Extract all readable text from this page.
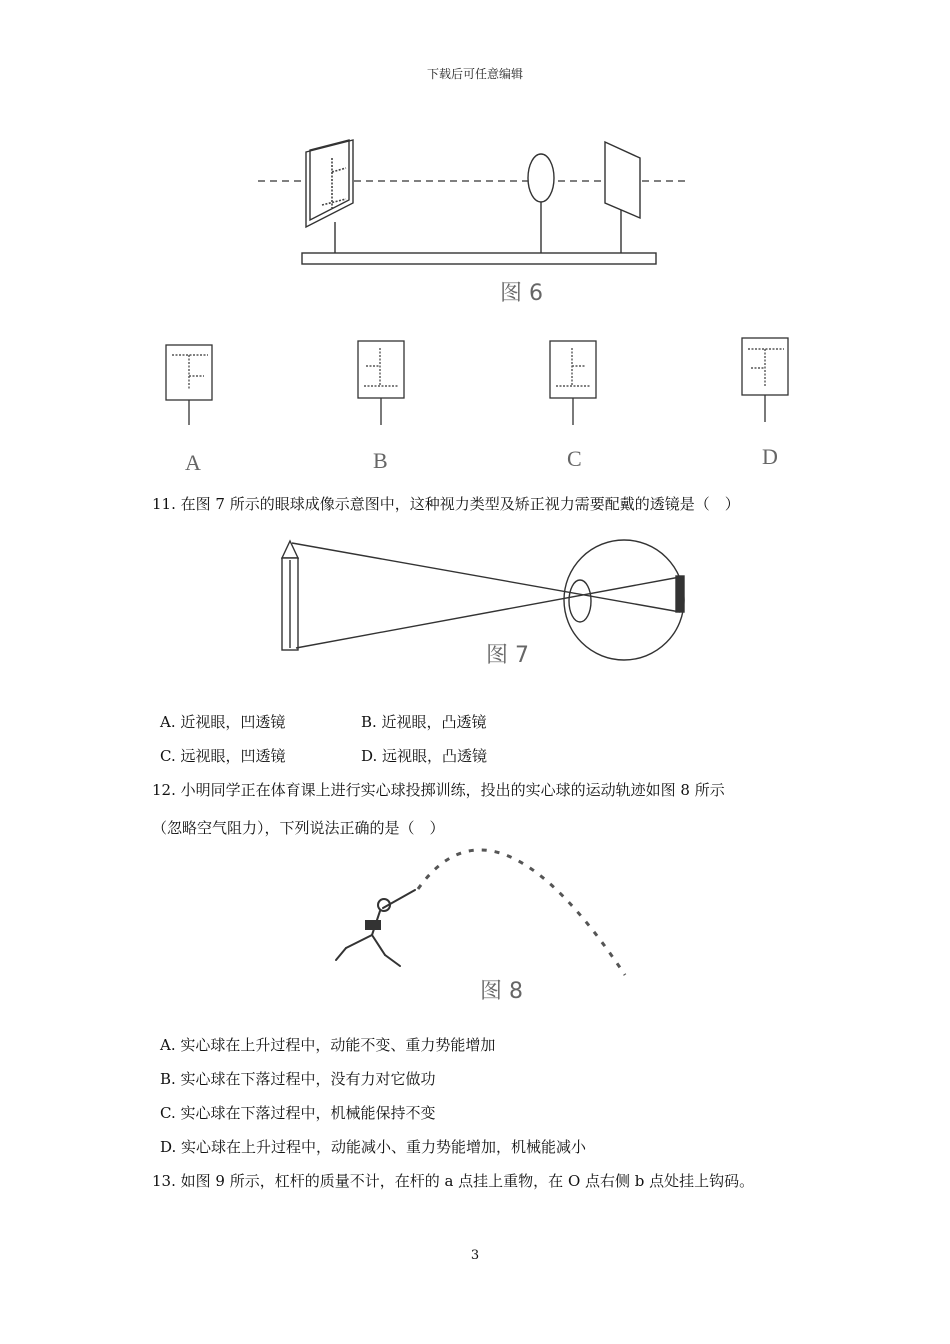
下载后可任意编辑
图 6
A	B	C	D
11. 在图 7 所示的眼球成像示意图中，这种视力类型及矫正视力需要配戴的透镜是（　）
图 7
A. 近视眼，凹透镜	B. 近视眼，凸透镜
C. 远视眼，凹透镜	D. 远视眼，凸透镜
12. 小明同学正在体育课上进行实心球投掷训练，投出的实心球的运动轨迹如图 8 所示
（忽略空气阻力），下列说法正确的是（　）
图 8
A. 实心球在上升过程中，动能不变、重力势能增加
B. 实心球在下落过程中，没有力对它做功
C. 实心球在下落过程中，机械能保持不变
D. 实心球在上升过程中，动能减小、重力势能增加，机械能减小
13. 如图 9 所示，杠杆的质量不计，在杆的 a 点挂上重物，在 O 点右侧 b 点处挂上钩码。
3
